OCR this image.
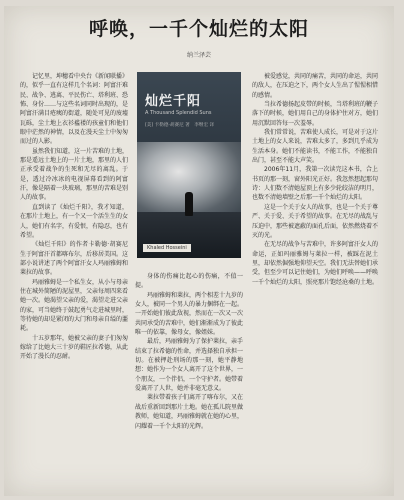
呼唤，一千个灿烂的太阳
纳兰泽芸

记忆里，坤穗看中央台《新闻联播》的，似乎一直有这样几个名词：阿富汗难民、战争、逃离、平民伤亡、塔利班、恐怖、身份……与这些名词同时出现的，是阿富汗满目疮痍的街道，随处可见的废墟瓦砾，尘土地上衣衫褴褛的孩童们和他们眼中茫然的神情，以及在漫天尘土中匆匆而过的人影。

虽然我们知道，这一片苦难的土地，那是遥远土地上的一片土地，那里的人们正承受着战争的生死和无尽的离乱。于是，透过冷冰冰的电视屏幕看到的阿富汗，像是隔着一块玻璃，那里的苦难是别人的故事。

直到读了《灿烂千阳》，我才知道，在那片土地上，有一个又一个活生生的女人，她们有名字，有爱恨，有隐忍，也有希望。

《灿烂千阳》的作者卡勒德·胡赛尼生于阿富汗首都喀布尔，后移居美国。这部小说讲述了两个阿富汗女人玛丽雅姆和莱拉的故事。

玛丽雅姆是一个私生女，从小与母亲住在城外简陋的泥屋里，父亲每周四来看她一次。她渴望父亲的爱，渴望走进父亲的家，可当她终于鼓起勇气走进城里时，等待她的却是紧闭的大门和母亲自缢的噩耗。

十五岁那年，她被父亲的妻子们匆匆嫁给了比她大三十岁的鞋匠拉希德，从此开始了漫长的忍耐。

灿烂千阳
A Thousand Splendid Suns
[美] 卡勒德·胡赛尼 著　李继宏 译
Khaled Hosseini

身体的伤痛比起心的伤痛，不值一提。

玛丽雅姆和莱拉，两个相差十九岁的女人，被同一个男人的暴力捆绑在一起。一开始她们彼此敌视，然而在一次又一次共同承受的苦难中，她们渐渐成为了彼此唯一的依靠，像母女，像姐妹。

最后，玛丽雅姆为了保护莱拉，亲手结束了拉希德的性命，并选择独自承担一切。在被押赴刑场的那一刻，她平静地想：她作为一个女人离开了这个世界，一个朋友，一个伴侣，一个守护者。她带着爱离开了人世，她并非毫无意义。

莱拉带着孩子们离开了喀布尔，又在战后重新回到那片土地。她在孤儿院里做教师，她知道，玛丽雅姆就在她的心里，闪耀着一千个太阳的光辉。

被爱感觉，共同的痛苦，共同的命运，共同的敌人，在压迫之下，两个女人生出了惺惺相惜的感情。

当拉希德扬起皮带的时候，当塔利班的鞭子落下的时候，她们用自己的身体护住对方，她们用沉默回答每一次羞辱。

我们常常说，苦难使人成长，可是对于这片土地上的女人来说，苦难太多了，多到几乎成为生活本身。她们不能读书，不能工作，不能独自出门，甚至不能大声笑。

2006年11月，我第一次读完这本书，合上书页的那一刻，窗外阳光正好。我忽然想起那句诗：人们数不清她屋顶上有多少轮皎洁的明月，也数不清她墙壁之后那一千个灿烂的太阳。

这是一个关于女人的故事，也是一个关于尊严、关于爱、关于希望的故事。在无尽的战乱与压迫中，那些被遮蔽的面孔后面，依然燃烧着不灭的光。

在无尽的战争与苦难中，许多阿富汗女人的命运，正如玛丽雅姆与莱拉一样，被踩在泥土里，却依然倔强地仰望天空。我们无法替她们承受，但至少可以记住她们，为她们呼唤——呼唤一千个灿烂的太阳，照亮那片饱经沧桑的土地。
